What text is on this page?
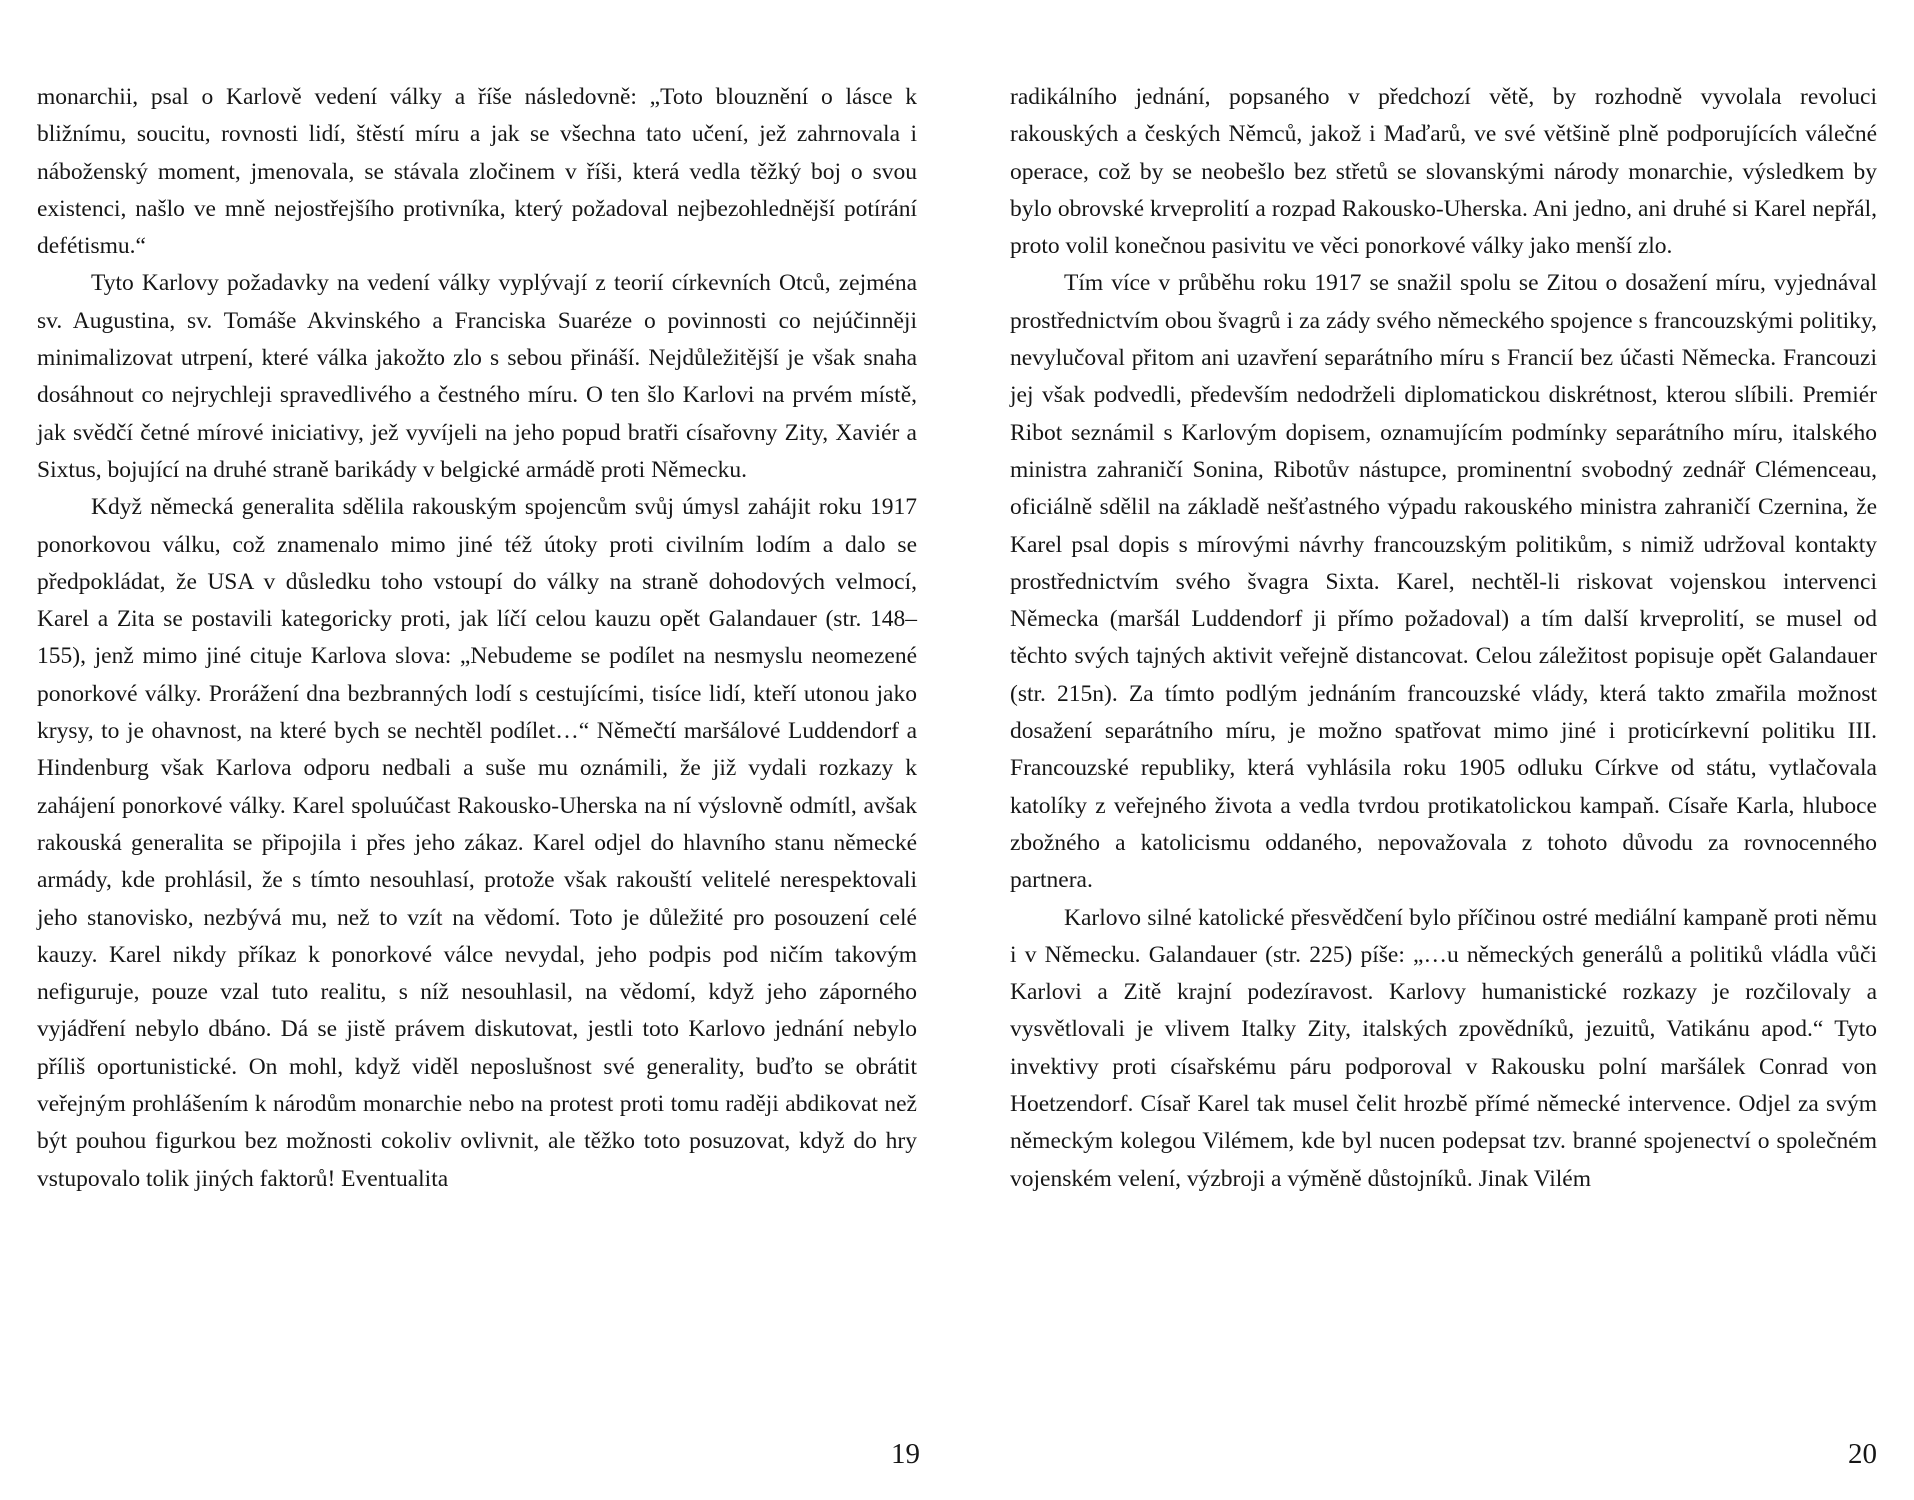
monarchii, psal o Karlově vedení války a říše následovně: „Toto blouznění o lásce k bližnímu, soucitu, rovnosti lidí, štěstí míru a jak se všechna tato učení, jež zahrnovala i náboženský moment, jmenovala, se stávala zločinem v říši, která vedla těžký boj o svou existenci, našlo ve mně nejostřejšího protivníka, který požadoval nejbezohlednější potírání defétismu.“

Tyto Karlovy požadavky na vedení války vyplývají z teorií církevních Otců, zejména sv. Augustina, sv. Tomáše Akvinského a Franciska Suaréze o povinnosti co nejúčinněji minimalizovat utrpení, které válka jakožto zlo s sebou přináší. Nejdůležitější je však snaha dosáhnout co nejrychleji spravedlivého a čestného míru. O ten šlo Karlovi na prvém místě, jak svědčí četné mírové iniciativy, jež vyvíjeli na jeho popud bratři císařovny Zity, Xaviér a Sixtus, bojující na druhé straně barikády v belgické armádě proti Německu.

Když německá generalita sdělila rakouským spojencům svůj úmysl zahájit roku 1917 ponorkovou válku, což znamenalo mimo jiné též útoky proti civilním lodím a dalo se předpokládat, že USA v důsledku toho vstoupí do války na straně dohodových velmocí, Karel a Zita se postavili kategoricky proti, jak líčí celou kauzu opět Galandauer (str. 148–155), jenž mimo jiné cituje Karlova slova: „Nebudeme se podílet na nesmyslu neomezené ponorkové války. Prorážení dna bezbranných lodí s cestujícími, tisíce lidí, kteří utonou jako krysy, to je ohavnost, na které bych se nechtěl podílet…“ Němečtí maršálové Luddendorf a Hindenburg však Karlova odporu nedbali a suše mu oznámili, že již vydali rozkazy k zahájení ponorkové války. Karel spoluúčast Rakousko-Uherska na ní výslovně odmítl, avšak rakouská generalita se připojila i přes jeho zákaz. Karel odjel do hlavního stanu německé armády, kde prohlásil, že s tímto nesouhlasí, protože však rakouští velitelé nerespektovali jeho stanovisko, nezbývá mu, než to vzít na vědomí. Toto je důležité pro posouzení celé kauzy. Karel nikdy příkaz k ponorkové válce nevydal, jeho podpis pod ničím takovým nefiguruje, pouze vzal tuto realitu, s níž nesouhlasil, na vědomí, když jeho záporného vyjádření nebylo dbáno. Dá se jistě právem diskutovat, jestli toto Karlovo jednání nebylo příliš oportunistické. On mohl, když viděl neposlušnost své generality, buďto se obrátit veřejným prohlášením k národům monarchie nebo na protest proti tomu raději abdikovat než být pouhou figurkou bez možnosti cokoliv ovlivnit, ale těžko toto posuzovat, když do hry vstupovalo tolik jiných faktorů! Eventualita

19

radikálního jednání, popsaného v předchozí větě, by rozhodně vyvolala revoluci rakouských a českých Němců, jakož i Maďarů, ve své většině plně podporujících válečné operace, což by se neobešlo bez střetů se slovanskými národy monarchie, výsledkem by bylo obrovské krveprolití a rozpad Rakousko-Uherska. Ani jedno, ani druhé si Karel nepřál, proto volil konečnou pasivitu ve věci ponorkové války jako menší zlo.

Tím více v průběhu roku 1917 se snažil spolu se Zitou o dosažení míru, vyjednával prostřednictvím obou švagrů i za zády svého německého spojence s francouzskými politiky, nevylučoval přitom ani uzavření separátního míru s Francií bez účasti Německa. Francouzi jej však podvedli, především nedodrželi diplomatickou diskrétnost, kterou slíbili. Premiér Ribot seznámil s Karlovým dopisem, oznamujícím podmínky separátního míru, italského ministra zahraničí Sonina, Ribotův nástupce, prominentní svobodný zednář Clémenceau, oficiálně sdělil na základě nešťastného výpadu rakouského ministra zahraničí Czernina, že Karel psal dopis s mírovými návrhy francouzským politikům, s nimiž udržoval kontakty prostřednictvím svého švagra Sixta. Karel, nechtěl-li riskovat vojenskou intervenci Německa (maršál Luddendorf ji přímo požadoval) a tím další krveprolití, se musel od těchto svých tajných aktivit veřejně distancovat. Celou záležitost popisuje opět Galandauer (str. 215n). Za tímto podlým jednáním francouzské vlády, která takto zmařila možnost dosažení separátního míru, je možno spatřovat mimo jiné i proticírkevní politiku III. Francouzské republiky, která vyhlásila roku 1905 odluku Církve od státu, vytlačovala katolíky z veřejného života a vedla tvrdou protikatolickou kampaň. Císaře Karla, hluboce zbožného a katolicismu oddaného, nepovažovala z tohoto důvodu za rovnocenného partnera.

Karlovo silné katolické přesvědčení bylo příčinou ostré mediální kampaně proti němu i v Německu. Galandauer (str. 225) píše: „…u německých generálů a politiků vládla vůči Karlovi a Zitě krajní podezíravost. Karlovy humanistické rozkazy je rozčilovaly a vysvětlovali je vlivem Italky Zity, italských zpovědníků, jezuitů, Vatikánu apod.“ Tyto invektivy proti císařskému páru podporoval v Rakousku polní maršálek Conrad von Hoetzendorf. Císař Karel tak musel čelit hrozbě přímé německé intervence. Odjel za svým německým kolegou Vilémem, kde byl nucen podepsat tzv. branné spojenectví o společném vojenském velení, výzbroji a výměně důstojníků. Jinak Vilém

20
